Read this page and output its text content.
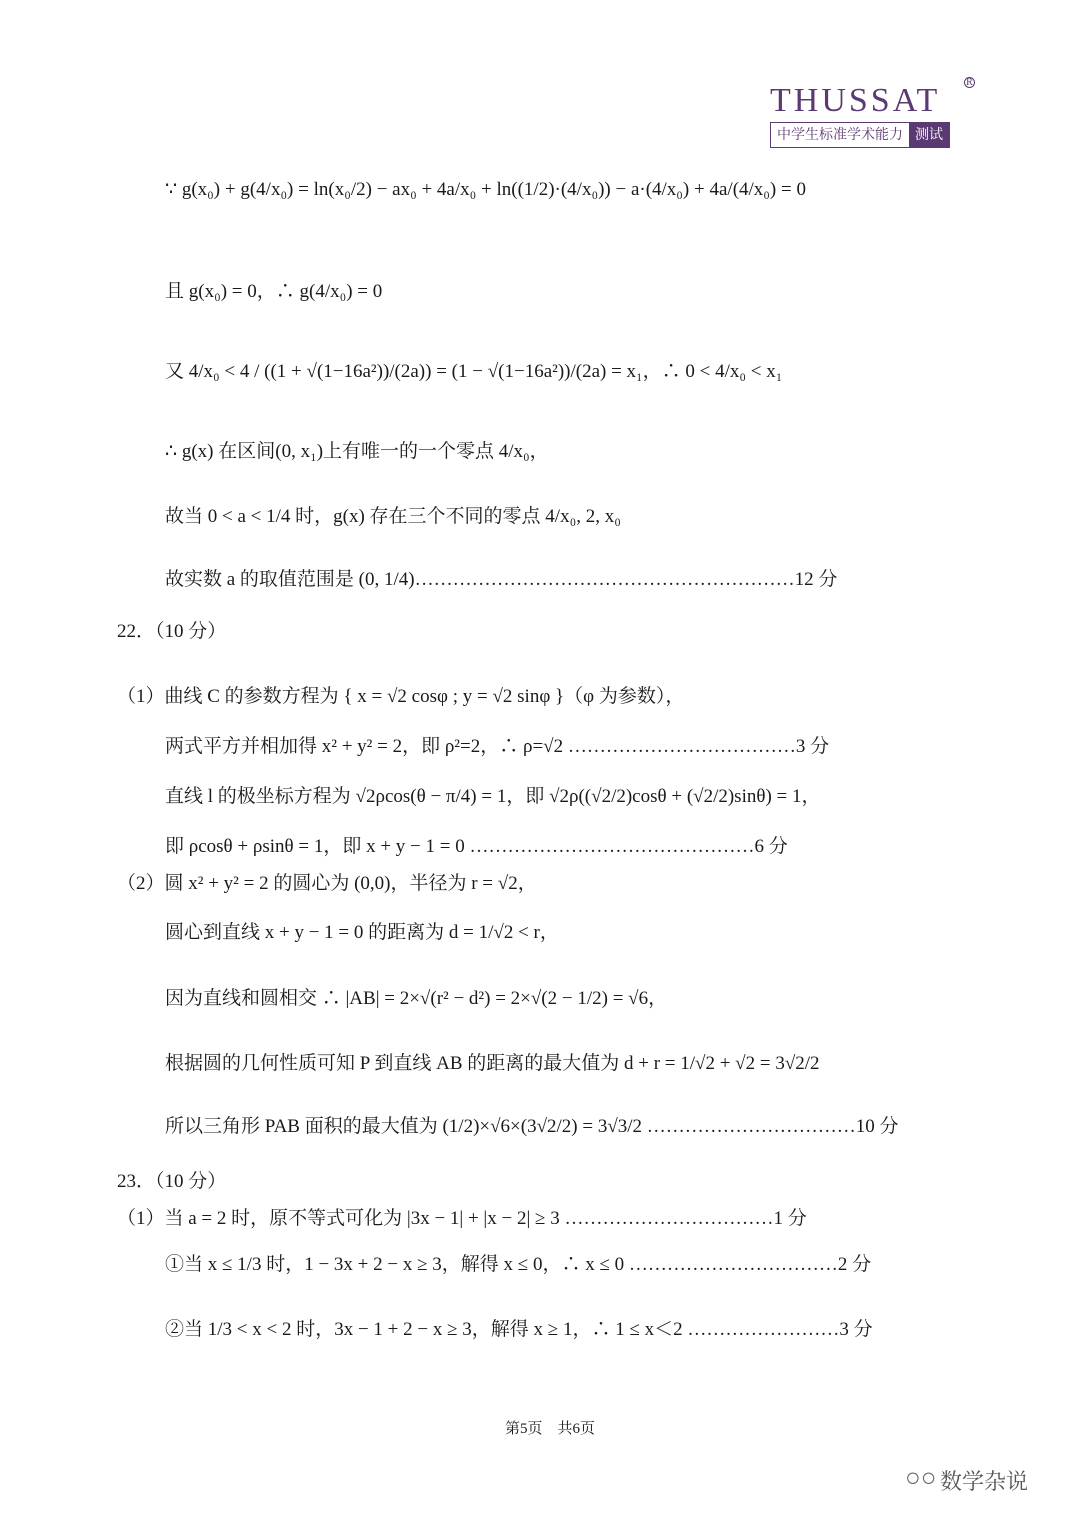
THUSSAT	R
中学生标准学术能力 测试
∵ g(x₀) + g(4/x₀) = ln(x₀/2) − ax₀ + 4a/x₀ + ln((1/2)·(4/x₀)) − a·(4/x₀) + 4a/(4/x₀) = 0
且 g(x₀) = 0，∴ g(4/x₀) = 0
又 4/x₀ < 4 / ((1 + √(1−16a²))/(2a)) = (1 − √(1−16a²))/(2a) = x₁，∴ 0 < 4/x₀ < x₁
∴ g(x) 在区间(0, x₁)上有唯一的一个零点 4/x₀，
故当 0 < a < 1/4 时，g(x) 存在三个不同的零点 4/x₀, 2, x₀
故实数 a 的取值范围是 (0, 1/4)……………………………………………………12 分
22．（10 分）
（1）曲线 C 的参数方程为 { x = √2 cosφ ; y = √2 sinφ }（φ 为参数），
两式平方并相加得 x² + y² = 2，即 ρ²=2，∴ ρ=√2 ………………………………3 分
直线 l 的极坐标方程为 √2ρcos(θ − π/4) = 1，即 √2ρ((√2/2)cosθ + (√2/2)sinθ) = 1，
即 ρcosθ + ρsinθ = 1，即 x + y − 1 = 0 ………………………………………6 分
（2）圆 x² + y² = 2 的圆心为 (0,0)，半径为 r = √2，
圆心到直线 x + y − 1 = 0 的距离为 d = 1/√2 < r，
因为直线和圆相交 ∴ |AB| = 2×√(r² − d²) = 2×√(2 − 1/2) = √6，
根据圆的几何性质可知 P 到直线 AB 的距离的最大值为 d + r = 1/√2 + √2 = 3√2/2
所以三角形 PAB 面积的最大值为 (1/2)×√6×(3√2/2) = 3√3/2 ……………………………10 分
23．（10 分）
（1）当 a = 2 时，原不等式可化为 |3x − 1| + |x − 2| ≥ 3 ……………………………1 分
①当 x ≤ 1/3 时，1 − 3x + 2 − x ≥ 3，解得 x ≤ 0，∴ x ≤ 0 ……………………………2 分
②当 1/3 < x < 2 时，3x − 1 + 2 − x ≥ 3，解得 x ≥ 1，∴ 1 ≤ x＜2 ……………………3 分
第5页　共6页
○○ 数学杂说
